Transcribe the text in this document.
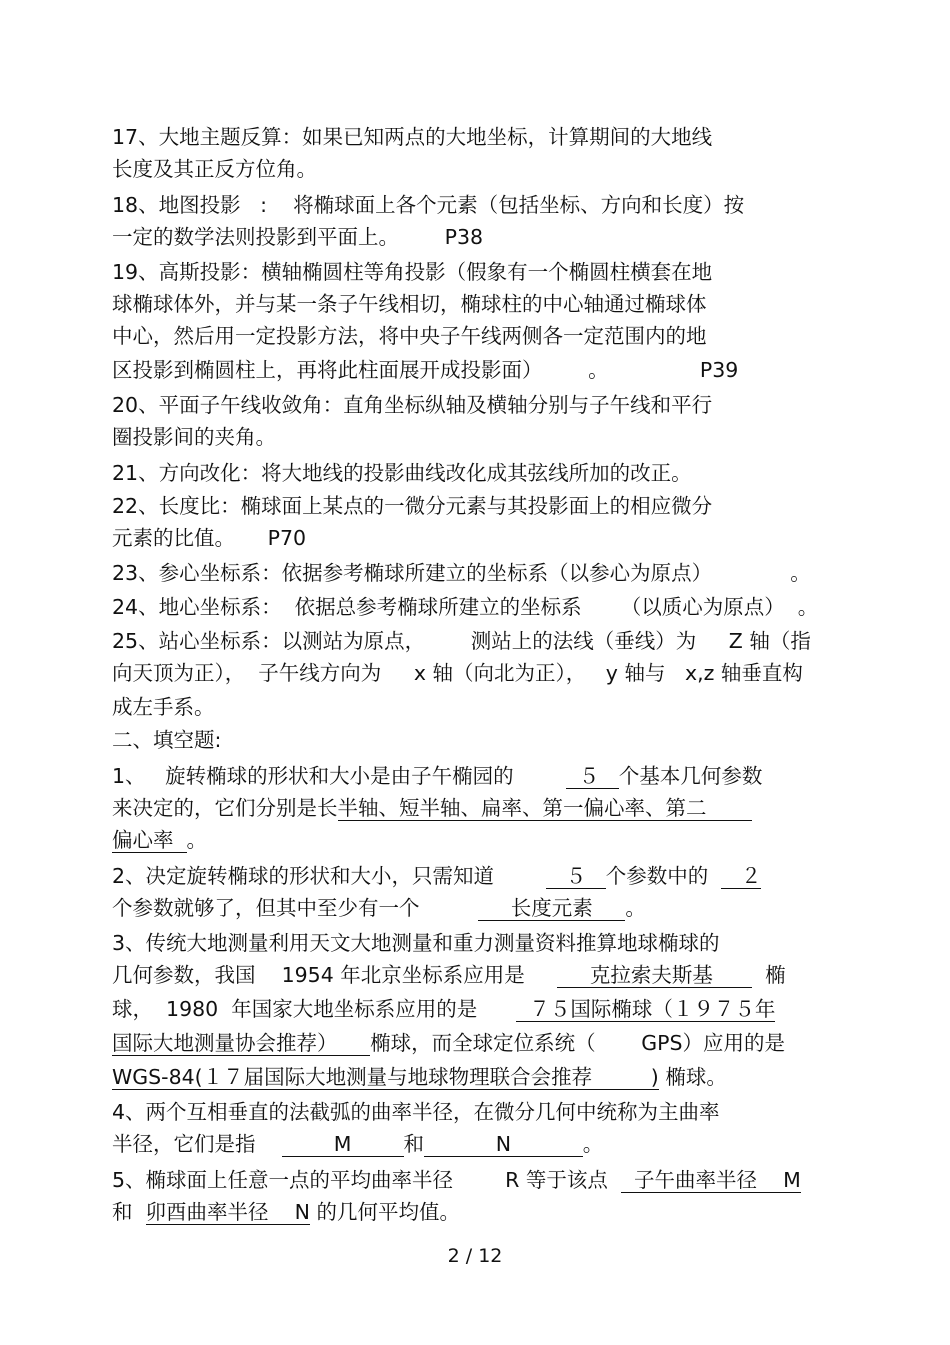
17、大地主题反算：如果已知两点的大地坐标，计算期间的大地线
长度及其正反方位角。
18、地图投影   :    将椭球面上各个元素（包括坐标、方向和长度）按
一定的数学法则投影到平面上。       P38
19、高斯投影：横轴椭圆柱等角投影（假象有一个椭圆柱横套在地
球椭球体外，并与某一条子午线相切，椭球柱的中心轴通过椭球体
中心，然后用一定投影方法，将中央子午线两侧各一定范围内的地
区投影到椭圆柱上，再将此柱面展开成投影面）       。              P39
20、平面子午线收敛角：直角坐标纵轴及横轴分别与子午线和平行
圈投影间的夹角。
21、方向改化：将大地线的投影曲线改化成其弦线所加的改正。
22、长度比：椭球面上某点的一微分元素与其投影面上的相应微分
元素的比值。     P70
23、参心坐标系：依据参考椭球所建立的坐标系（以参心为原点）            。
24、地心坐标系：  依据总参考椭球所建立的坐标系      （以质心为原点）  。
25、站心坐标系：以测站为原点，       测站上的法线（垂线）为     Z 轴（指
向天顶为正），  子午线方向为     x 轴（向北为正），   y 轴与   x,z 轴垂直构
成左手系。
二、填空题:
1、   旋转椭球的形状和大小是由子午椭园的          ５   个基本几何参数
来决定的，它们分别是长半轴、短半轴、扁率、第一偏心率、第二
偏心率  。
2、决定旋转椭球的形状和大小，只需知道           ５   个参数中的     ２
个参数就够了，但其中至少有一个              长度元素     。
3、传统大地测量利用天文大地测量和重力测量资料推算地球椭球的
几何参数，我国    1954 年北京坐标系应用是          克拉索夫斯基        椭
球，  1980  年国家大地坐标系应用的是        ７５国际椭球（１９７５年
国际大地测量协会推荐）     椭球，而全球定位系统（       GPS）应用的是
WGS-84(１７届国际大地测量与地球物理联合会推荐         ) 椭球。
4、两个互相垂直的法截弧的曲率半径，在微分几何中统称为主曲率
半径，它们是指            M        和           N           。
5、椭球面上任意一点的平均曲率半径        R 等于该点    子午曲率半径    M
和  卯酉曲率半径    N 的几何平均值。
2 / 12
